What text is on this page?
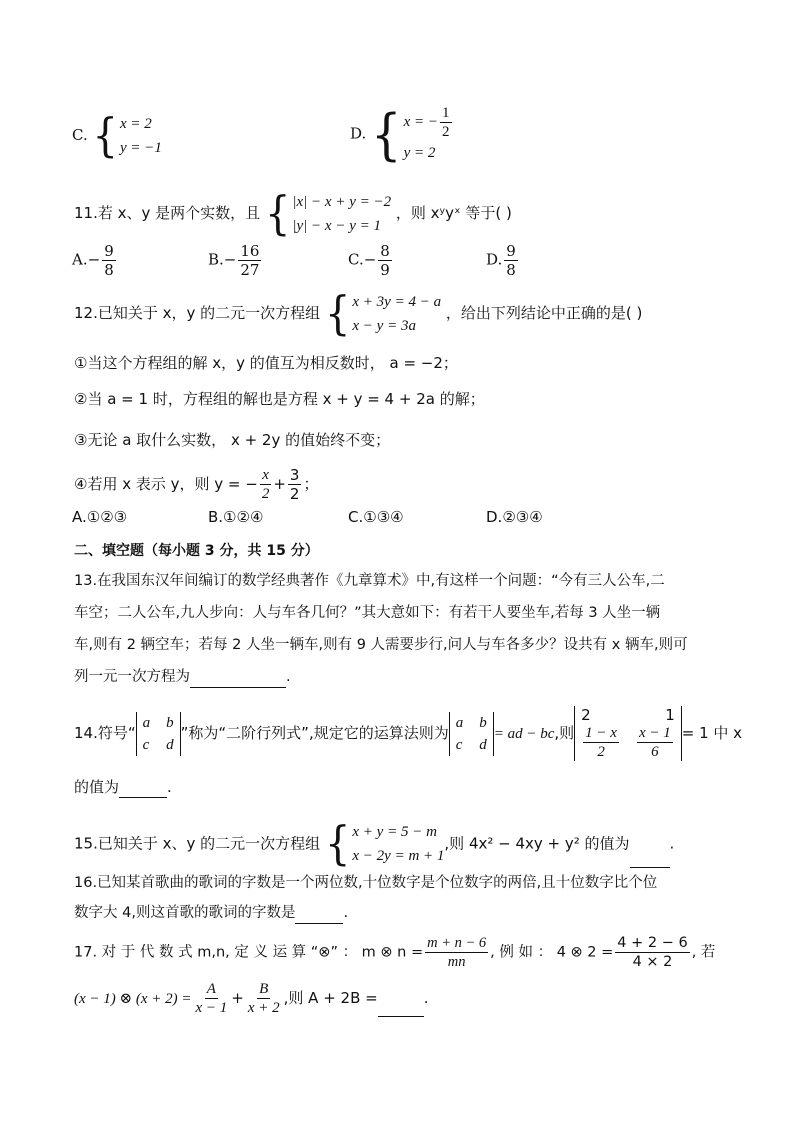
C. { x = 2
y = −1
D. { x = − $\frac{1}{2}$
y = 2
11.若 x、y 是两个实数，且 { |x| − x + y = −2
|y| − x − y = 1
，则 xʸyˣ 等于( )
$A.- \frac{9}{8}$	$B.- \frac{16}{27}$	$C.- \frac{8}{9}$	D. $\frac{9}{8}$
12.已知关于 x，y 的二元一次方程组 { x + 3y = 4 − a
x − y = 3a
，给出下列结论中正确的是( )
①当这个方程组的解 x，y 的值互为相反数时， a = −2；
②当 a = 1 时，方程组的解也是方程 x + y = 4 + 2a 的解；
③无论 a 取什么实数， x + 2y 的值始终不变；
④若用 x 表示 y，则 y = − $\frac{x}{2} + \frac{3}{2}$ ；
A.①②③	B.①②④	C.①③④	D.②③④
二、填空题（每小题 3 分，共 15 分）
13.在我国东汉年间编订的数学经典著作《九章算术》中,有这样一个问题：“今有三人公车,二
车空；二人公车,九人步向：人与车各几何？”其大意如下：有若干人要坐车,若每 3 人坐一辆
车,则有 2 辆空车；若每 2 人坐一辆车,则有 9 人需要步行,问人与车各多少？设共有 x 辆车,则可
列一元一次方程为	.
14.符号“
a b
c d
”称为“二阶行列式”,规定它的运算法则为
a b
c d
= ad − bc,则
2	1
$\frac{1 - x}{2} \frac{x - 1}{6} = 1$ 中 x
的值为	.
15.已知关于 x、y 的二元一次方程组 { x + y = 5 − m
x − 2y = m + 1
,则 4x² − 4xy + y² 的值为	.
16.已知某首歌曲的歌词的字数是一个两位数,十位数字是个位数字的两倍,且十位数字比个位
数字大 4,则这首歌的歌词的字数是	.
17. 对 于 代 数 式 m,n, 定 义 运 算 “⊗” ： m ⊗ $n = \frac{m + n - 6}{mn}$ , 例 如 ： 4 ⊗ $2 = \frac{4 + 2 - 6}{4 \times 2}$ , 若
(x − 1) ⊗ $(x + 2) = \frac{A}{x - 1} + \frac{B}{x + 2}$ ,则 A + 2B =	.
